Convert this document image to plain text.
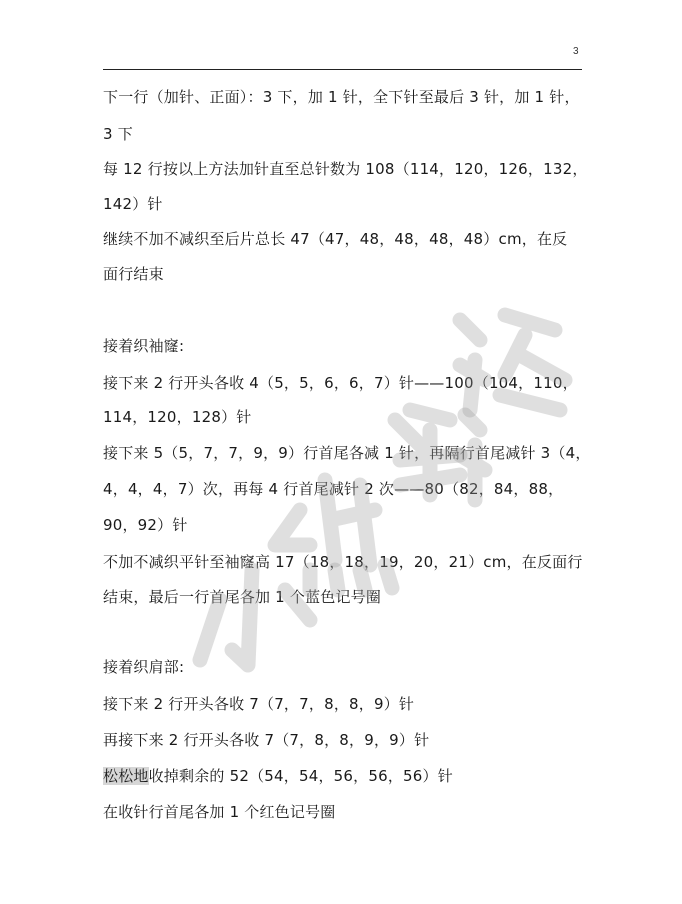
3
下一行（加针、正面）：3 下，加 1 针，全下针至最后 3 针，加 1 针，
3 下
每 12 行按以上方法加针直至总针数为 108（114，120，126，132，
142）针
继续不加不减织至后片总长 47（47，48，48，48，48）cm，在反
面行结束
接着织袖窿:
接下来 2 行开头各收 4（5，5，6，6，7）针——100（104，110，
114，120，128）针
接下来 5（5，7，7，9，9）行首尾各减 1 针，再隔行首尾减针 3（4，
4，4，4，7）次，再每 4 行首尾减针 2 次——80（82，84，88，
90，92）针
不加不减织平针至袖窿高 17（18，18，19，20，21）cm，在反面行
结束，最后一行首尾各加 1 个蓝色记号圈
接着织肩部:
接下来 2 行开头各收 7（7，7，8，8，9）针
再接下来 2 行开头各收 7（7，8，8，9，9）针
松松地收掉剩余的 52（54，54，56，56，56）针
在收针行首尾各加 1 个红色记号圈
